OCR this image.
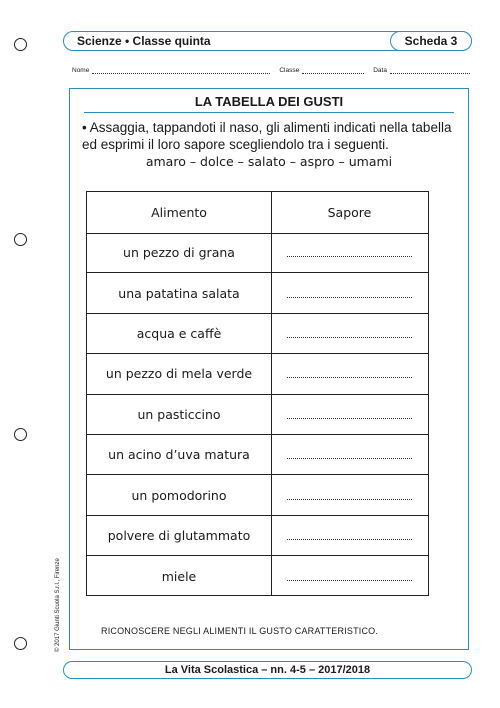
Scienze • Classe quinta	Scheda 3
Nome	Classe	Data
LA TABELLA DEI GUSTI
• Assaggia, tappandoti il naso, gli alimenti indicati nella tabella ed esprimi il loro sapore scegliendolo tra i seguenti.
amaro – dolce – salato – aspro – umami
Alimento	Sapore
un pezzo di grana
una patatina salata
acqua e caffè
un pezzo di mela verde
un pasticcino
un acino d’uva matura
un pomodorino
polvere di glutammato
miele
RICONOSCERE NEGLI ALIMENTI IL GUSTO CARATTERISTICO.
La Vita Scolastica – nn. 4-5 – 2017/2018
© 2017 Giunti Scuola S.r.l., Firenze
